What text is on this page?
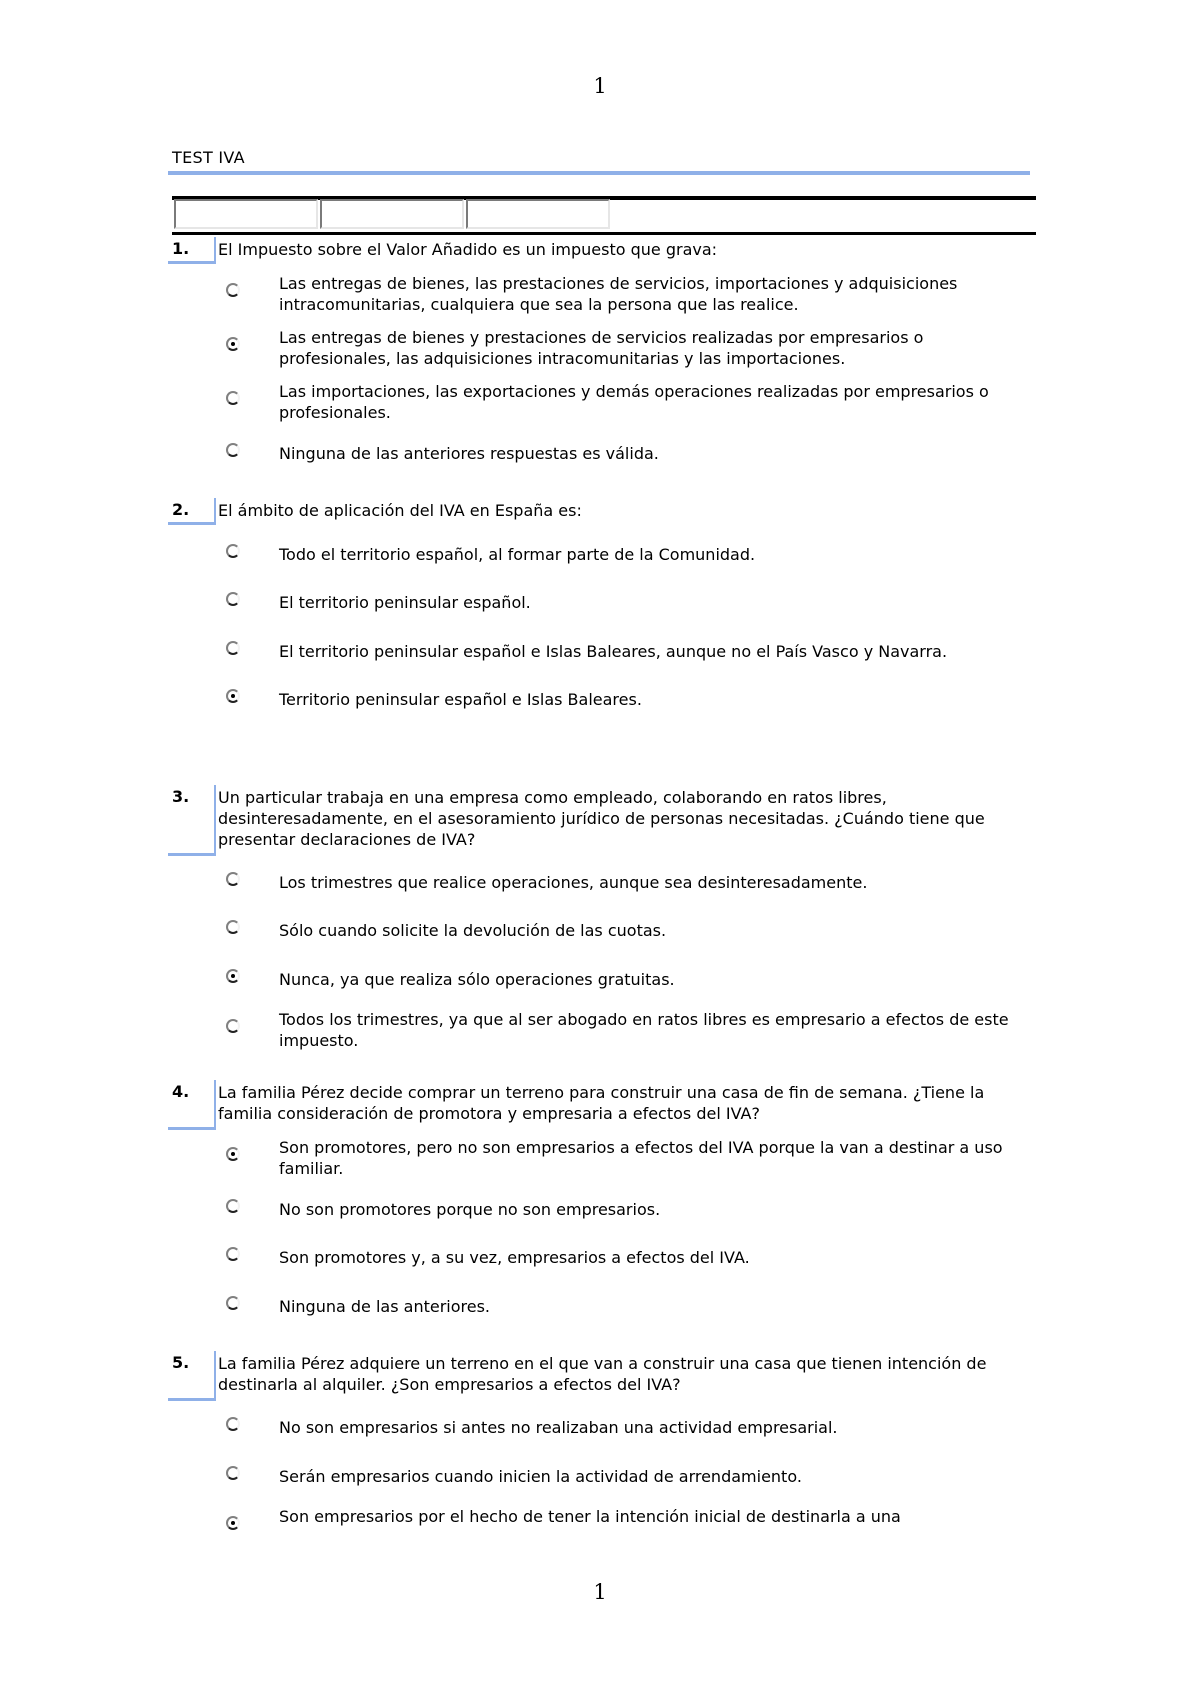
1
TEST IVA
1. El Impuesto sobre el Valor Añadido es un impuesto que grava:
Las entregas de bienes, las prestaciones de servicios, importaciones y adquisiciones intracomunitarias, cualquiera que sea la persona que las realice.
Las entregas de bienes y prestaciones de servicios realizadas por empresarios o profesionales, las adquisiciones intracomunitarias y las importaciones.
Las importaciones, las exportaciones y demás operaciones realizadas por empresarios o profesionales.
Ninguna de las anteriores respuestas es válida.
2. El ámbito de aplicación del IVA en España es:
Todo el territorio español, al formar parte de la Comunidad.
El territorio peninsular español.
El territorio peninsular español e Islas Baleares, aunque no el País Vasco y Navarra.
Territorio peninsular español e Islas Baleares.
3. Un particular trabaja en una empresa como empleado, colaborando en ratos libres, desinteresadamente, en el asesoramiento jurídico de personas necesitadas. ¿Cuándo tiene que presentar declaraciones de IVA?
Los trimestres que realice operaciones, aunque sea desinteresadamente.
Sólo cuando solicite la devolución de las cuotas.
Nunca, ya que realiza sólo operaciones gratuitas.
Todos los trimestres, ya que al ser abogado en ratos libres es empresario a efectos de este impuesto.
4. La familia Pérez decide comprar un terreno para construir una casa de fin de semana. ¿Tiene la familia consideración de promotora y empresaria a efectos del IVA?
Son promotores, pero no son empresarios a efectos del IVA porque la van a destinar a uso familiar.
No son promotores porque no son empresarios.
Son promotores y, a su vez, empresarios a efectos del IVA.
Ninguna de las anteriores.
5. La familia Pérez adquiere un terreno en el que van a construir una casa que tienen intención de destinarla al alquiler. ¿Son empresarios a efectos del IVA?
No son empresarios si antes no realizaban una actividad empresarial.
Serán empresarios cuando inicien la actividad de arrendamiento.
Son empresarios por el hecho de tener la intención inicial de destinarla a una
1
